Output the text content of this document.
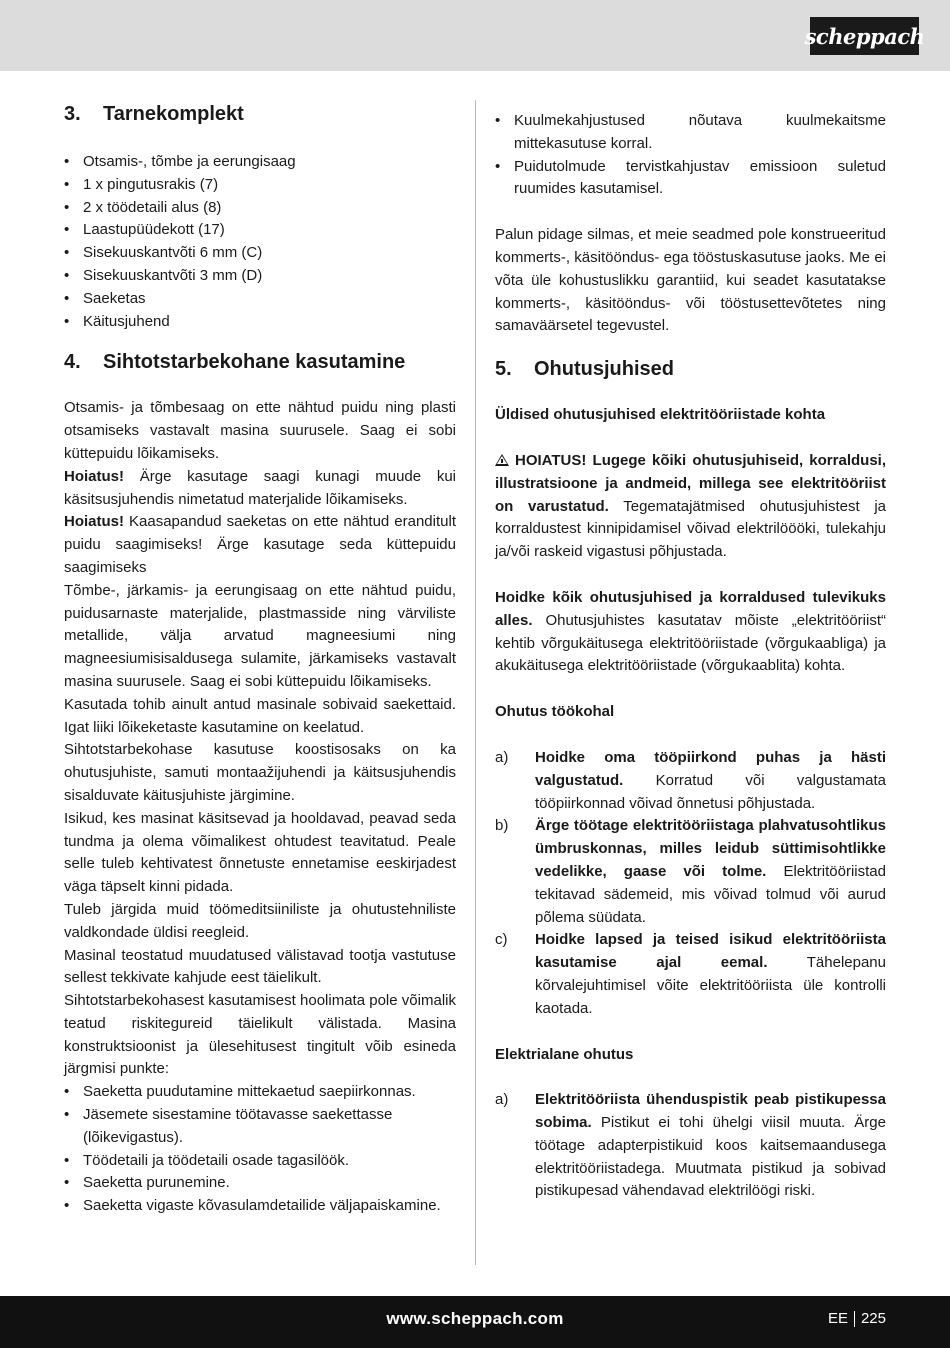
scheppach
3.	Tarnekomplekt
• Otsamis-, tõmbe ja eerungisaag
• 1 x pingutusrakis (7)
• 2 x töödetaili alus (8)
• Laastupüüdekott (17)
• Sisekuuskantvõti 6 mm (C)
• Sisekuuskantvõti 3 mm (D)
• Saeketas
• Käitusjuhend
4.	Sihtotstarbekohane kasutamine

Otsamis- ja tõmbesaag on ette nähtud puidu ning plasti otsamiseks vastavalt masina suurusele. Saag ei sobi küttepuidu lõikamiseks.

Hoiatus! Ärge kasutage saagi kunagi muude kui käsitsusjuhendis nimetatud materjalide lõikamiseks.

Hoiatus! Kaasapandud saeketas on ette nähtud eranditult puidu saagimiseks! Ärge kasutage seda küttepuidu saagimiseks

Tõmbe-, järkamis- ja eerungisaag on ette nähtud puidu, puidusarnaste materjalide, plastmasside ning värviliste metallide, välja arvatud magneesiumi ning magneesiumisisaldusega sulamite, järkamiseks vastavalt masina suurusele. Saag ei sobi küttepuidu lõikamiseks.

Kasutada tohib ainult antud masinale sobivaid saekettaid. Igat liiki lõikeketaste kasutamine on keelatud.

Sihtotstarbekohase kasutuse koostisosaks on ka ohutusjuhiste, samuti montaažijuhendi ja käitsusjuhendis sisalduvate käitusjuhiste järgimine.

Isikud, kes masinat käsitsevad ja hooldavad, peavad seda tundma ja olema võimalikest ohtudest teavitatud. Peale selle tuleb kehtivatest õnnetuste ennetamise eeskirjadest väga täpselt kinni pidada.

Tuleb järgida muid töömeditsiiniliste ja ohutustehniliste valdkondade üldisi reegleid.

Masinal teostatud muudatused välistavad tootja vastutuse sellest tekkivate kahjude eest täielikult.

Sihtotstarbekohasest kasutamisest hoolimata pole võimalik teatud riskitegureid täielikult välistada. Masina konstruktsioonist ja ülesehitusest tingitult võib esineda järgmisi punkte:

• Saeketta puudutamine mittekaetud saepiirkonnas.
• Jäsemete sisestamine töötavasse saekettasse (lõikevigastus).
• Töödetaili ja töödetaili osade tagasilöök.
• Saeketta purunemine.
• Saeketta vigaste kõvasulamdetailide väljapaiskamine.
• Kuulmekahjustused nõutava kuulmekaitsme mittekasutuse korral.
• Puidutolmude tervistkahjustav emissioon suletud ruumides kasutamisel.

Palun pidage silmas, et meie seadmed pole konstrueeritud kommerts-, käsitööndus- ega tööstuskasutuse jaoks. Me ei võta üle kohustuslikku garantiid, kui seadet kasutatakse kommerts-, käsitööndus- või tööstusettevõtetes ning samaväärsetel tegevustel.

5.	Ohutusjuhised

Üldised ohutusjuhised elektritööriistade kohta

HOIATUS! Lugege kõiki ohutusjuhiseid, korraldusi, illustratsioone ja andmeid, millega see elektritööriist on varustatud. Tegematajätmised ohutusjuhistest ja korraldustest kinnipidamisel võivad elektrilöööki, tulekahju ja/või raskeid vigastusi põhjustada.

Hoidke kõik ohutusjuhised ja korraldused tulevikuks alles. Ohutusjuhistes kasutatav mõiste „elektritööriist“ kehtib võrgukäitusega elektritööriistade (võrgukaabliga) ja akukäitusega elektritööriistade (võrgukaablita) kohta.

Ohutus töökohal

a) Hoidke oma tööpiirkond puhas ja hästi valgustatud. Korratud või valgustamata tööpiirkonnad võivad õnnetusi põhjustada.
b) Ärge töötage elektritööriistaga plahvatusohtlikus ümbruskonnas, milles leidub süttimisohtlikke vedelikke, gaase või tolme. Elektritööriistad tekitavad sädemeid, mis võivad tolmud või aurud põlema süüdata.
c) Hoidke lapsed ja teised isikud elektritööriista kasutamise ajal eemal. Tähelepanu kõrvalejuhtimisel võite elektritööriista üle kontrolli kaotada.

Elektrialane ohutus

a) Elektritööriista ühenduspistik peab pistikupessa sobima. Pistikut ei tohi ühelgi viisil muuta. Ärge töötage adapterpistikuid koos kaitsemaandusega elektritööriistadega. Muutmata pistikud ja sobivad pistikupesad vähendavad elektrilöögi riski.
www.scheppach.com	EE 225
